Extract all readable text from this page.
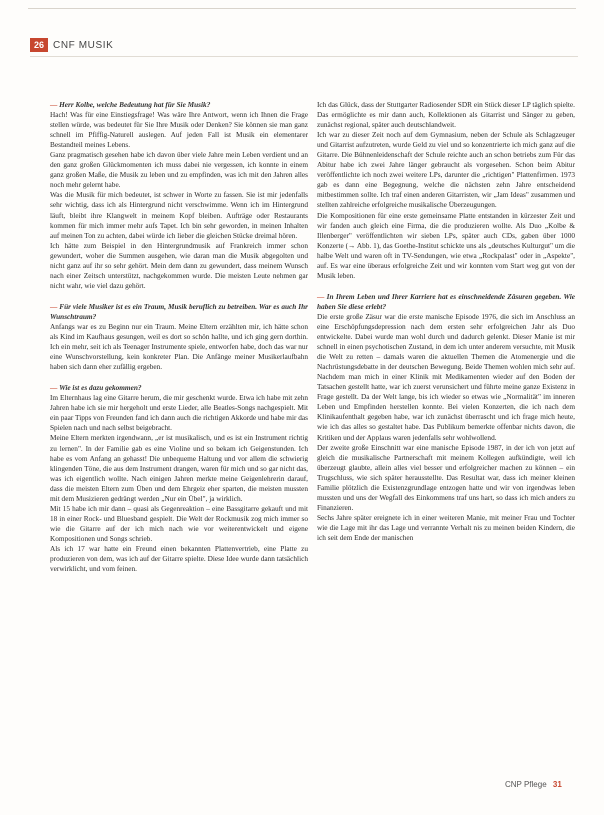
26 CNF MUSIK

— Herr Kolbe, welche Bedeutung hat für Sie Musik?

Hach! Was für eine Einstiegsfrage! Was wäre Ihre Antwort, wenn ich Ihnen die Frage stellen würde, was bedeutet für Sie Ihre Musik oder Denken? Sie können sie man ganz schnell im Pfiffig-Naturell auslegen. Auf jeden Fall ist Musik ein elementarer Bestandteil meines Lebens.

Ganz pragmatisch gesehen habe ich davon über viele Jahre mein Leben verdient und an den ganz großen Glückmomenten ich muss dabei nie vergessen, ich konnte in einem ganz großen Maße, die Musik zu leben und zu empfinden, was ich mit den Jahren alles noch mehr gelernt habe.

Was die Musik für mich bedeutet, ist schwer in Worte zu fassen. Sie ist mir jedenfalls sehr wichtig, dass ich als Hintergrund nicht verschwimme. Wenn ich im Hintergrund läuft, bleibt ihre Klangwelt in meinem Kopf bleiben. Aufträge oder Restaurants kommen für mich immer mehr aufs Tapet. Ich bin sehr geworden, in meinen Inhalten auf meinen Ton zu achten, dabei würde ich lieber die gleichen Stücke dreimal hören.

Ich hätte zum Beispiel in den Hintergrundmusik auf Frankreich immer schon gewundert, woher die Summen ausgehen, wie daran man die Musik abgegolten und nicht ganz auf ihr so sehr gehört. Mein dem dann zu gewundert, dass meinem Wunsch nach einer Zeitsch unterstützt, nachgekommen wurde. Die meisten Leute nehmen gar nicht wahr, wie viel dazu gehört.

— Für viele Musiker ist es ein Traum, Musik beruflich zu betreiben. War es auch Ihr Wunschtraum?

Anfangs war es zu Beginn nur ein Traum. Meine Eltern erzählten mir, ich hätte schon als Kind im Kaufhaus gesungen, weil es dort so schön hallte, und ich ging gern dorthin. Ich ein mehr, seit ich als Teenager Instrumente spiele, entworfen habe, doch das war nur eine Wunschvorstellung, kein konkreter Plan. Die Anfänge meiner Musikerlaufbahn haben sich dann eher zufällig ergeben.

— Wie ist es dazu gekommen?

Im Elternhaus lag eine Gitarre herum, die mir geschenkt wurde. Etwa ich habe mit zehn Jahren habe ich sie mir hergeholt und erste Lieder, alle Beatles-Songs nachgespielt. Mit ein paar Tipps von Freunden fand ich dann auch die richtigen Akkorde und habe mir das Spielen nach und nach selbst beigebracht.

Meine Eltern merkten irgendwann, „er ist musikalisch, und es ist ein Instrument richtig zu lernen". In der Familie gab es eine Violine und so bekam ich Geigenstunden. Ich habe es vom Anfang an gehasst! Die unbequeme Haltung und vor allem die schwierig klingenden Töne, die aus dem Instrument drangen, waren für mich und so gar nicht das, was ich eigentlich wollte. Nach einigen Jahren merkte meine Geigenlehrerin darauf, dass die meisten Eltern zum Üben und dem Ehrgeiz eher sparten, die meisten mussten mit dem Musizieren gedrängt werden „Nur ein Übel", ja wirklich.

Mit 15 habe ich mir dann – quasi als Gegenreaktion – eine Bassgitarre gekauft und mit 18 in einer Rock- und Bluesband gespielt. Die Welt der Rockmusik zog mich immer so wie die Gitarre auf der ich mich nach wie vor weiterentwickelt und eigene Kompositionen und Songs schrieb.

Als ich 17 war hatte ein Freund einen bekannten Plattenvertrieb, eine Platte zu produzieren von dem, was ich auf der Gitarre spielte. Diese Idee wurde dann tatsächlich verwirklicht, und vom feinen.

Ich das Glück, dass der Stuttgarter Radiosender SDR ein Stück dieser LP täglich spielte. Das ermöglichte es mir dann auch, Kollektionen als Gitarrist und Sänger zu geben, zunächst regional, später auch deutschlandweit.

Ich war zu dieser Zeit noch auf dem Gymnasium, neben der Schule als Schlagzeuger und Gitarrist aufzutreten, wurde Geld zu viel und so konzentrierte ich mich ganz auf die Gitarre. Die Bühnenleidenschaft der Schule reichte auch an schon betriebs zum Für das Abitur habe ich zwei Jahre länger gebraucht als vorgesehen. Schon beim Abitur veröffentlichte ich noch zwei weitere LPs, darunter die „richtigen" Plattenfirmen. 1973 gab es dann eine Begegnung, welche die nächsten zehn Jahre entscheidend mitbestimmen sollte. Ich traf einen anderen Gitarristen, wir „Jam Ideas" zusammen und stellten zahlreiche erfolgreiche musikalische Überzeugungen.

Die Kompositionen für eine erste gemeinsame Platte entstanden in kürzester Zeit und wir fanden auch gleich eine Firma, die die produzieren wollte. Als Duo „Kolbe & Illenberger" veröffentlichten wir sieben LPs, später auch CDs, gaben über 1000 Konzerte (→ Abb. 1), das Goethe-Institut schickte uns als „deutsches Kulturgut" um die halbe Welt und waren oft in TV-Sendungen, wie etwa „Rockpalast" oder in „Aspekte", auf. Es war eine überaus erfolgreiche Zeit und wir konnten vom Start weg gut von der Musik leben.

— In Ihrem Leben und Ihrer Karriere hat es einschneidende Zäsuren gegeben. Wie haben Sie diese erlebt?

Die erste große Zäsur war die erste manische Episode 1976, die sich im Anschluss an eine Erschöpfungsdepression nach dem ersten sehr erfolgreichen Jahr als Duo entwickelte. Dabei wurde man wohl durch und dadurch gelenkt. Dieser Manie ist mir schnell in einen psychotischen Zustand, in dem ich unter anderem versuchte, mit Musik die Welt zu retten – damals waren die aktuellen Themen die Atomenergie und die Nachrüstungsdebatte in der deutschen Bewegung. Beide Themen wohlen mich sehr auf. Nachdem man mich in einer Klinik mit Medikamenten wieder auf den Boden der Tatsachen gestellt hatte, war ich zuerst verunsichert und führte meine ganze Existenz in Frage gestellt. Da der Welt lange, bis ich wieder so etwas wie „Normalität" im inneren Leben und Empfinden herstellen konnte. Bei vielen Konzerten, die ich nach dem Klinikaufenthalt gegeben habe, war ich zunächst überrascht und ich frage mich heute, wie ich das alles so gestaltet habe. Das Publikum bemerkte offenbar nichts davon, die Kritiken und der Applaus waren jedenfalls sehr wohlwollend.

Der zweite große Einschnitt war eine manische Episode 1987, in der ich von jetzt auf gleich die musikalische Partnerschaft mit meinem Kollegen aufkündigte, weil ich überzeugt glaubte, allein alles viel besser und erfolgreicher machen zu können – ein Trugschluss, wie sich später herausstellte. Das Resultat war, dass ich meiner kleinen Familie plötzlich die Existenzgrundlage entzogen hatte und wir von irgendwas leben mussten und uns der Wegfall des Einkommens traf uns hart, so dass ich mich anders zu Finanzieren.

Sechs Jahre später ereignete ich in einer weiteren Manie, mit meiner Frau und Tochter wie die Lage mit ihr das Lage und verrannte Verhalt nis zu meinen beiden Kindern, die ich seit dem Ende der manischen

CNP Pflege 31
